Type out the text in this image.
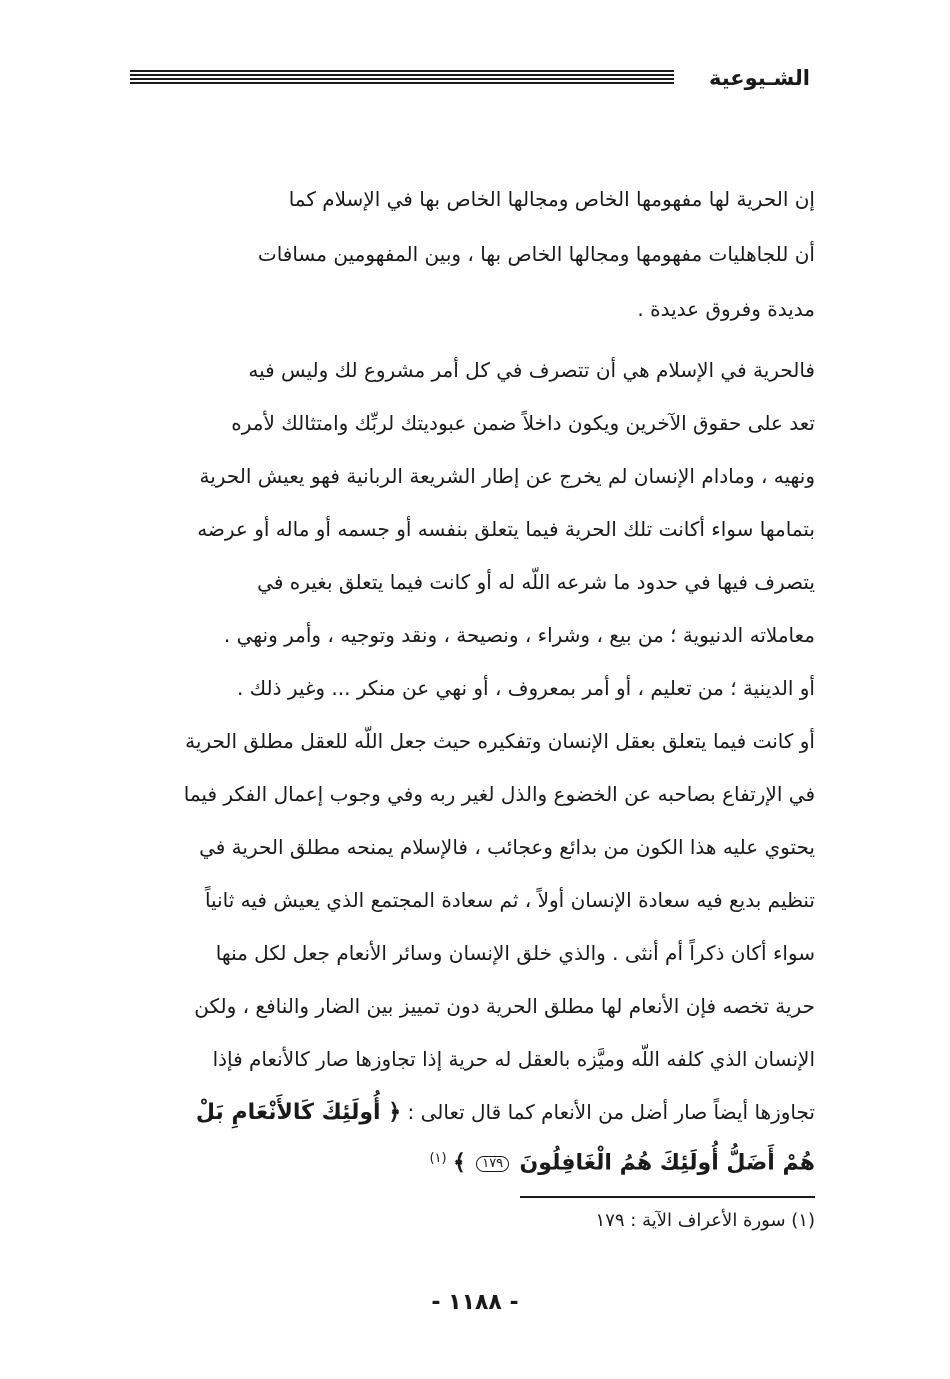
الشـيوعية
إن الحرية لها مفهومها الخاص ومجالها الخاص بها في الإسلام كما
أن للجاهليات مفهومها ومجالها الخاص بها ، وبين المفهومين مسافات
مديدة وفروق عديدة .
فالحرية في الإسلام هي أن تتصرف في كل أمر مشروع لك وليس فيه
تعد على حقوق الآخرين ويكون داخلاً ضمن عبوديتك لربِّك وامتثالك لأمره
ونهيه ، ومادام الإنسان لم يخرج عن إطار الشريعة الربانية فهو يعيش الحرية
بتمامها سواء أكانت تلك الحرية فيما يتعلق بنفسه أو جسمه أو ماله أو عرضه
يتصرف فيها في حدود ما شرعه اللّه له أو كانت فيما يتعلق بغيره في
معاملاته الدنيوية ؛ من بيع ، وشراء ، ونصيحة ، ونقد وتوجيه ، وأمر ونهي .
أو الدينية ؛ من تعليم ، أو أمر بمعروف ، أو نهي عن منكر ... وغير ذلك .
أو كانت فيما يتعلق بعقل الإنسان وتفكيره حيث جعل اللّه للعقل مطلق الحرية
في الإرتفاع بصاحبه عن الخضوع والذل لغير ربه وفي وجوب إعمال الفكر فيما
يحتوي عليه هذا الكون من بدائع وعجائب ، فالإسلام يمنحه مطلق الحرية في
تنظيم بديع فيه سعادة الإنسان أولاً ، ثم سعادة المجتمع الذي يعيش فيه ثانياً
سواء أكان ذكراً أم أنثى . والذي خلق الإنسان وسائر الأنعام جعل لكل منها
حرية تخصه فإن الأنعام لها مطلق الحرية دون تمييز بين الضار والنافع ، ولكن
الإنسان الذي كلفه اللّه وميَّزه بالعقل له حرية إذا تجاوزها صار كالأنعام فإذا
تجاوزها أيضاً صار أضل من الأنعام كما قال تعالى : ﴿ أُولَئِكَ كَالأَنْعَامِ بَلْ
هُمْ أَضَلُّ أُولَئِكَ هُمُ الْغَافِلُونَ ١٧٩ ﴾ $^{(١)}$
(١) سورة الأعراف الآية : ١٧٩
- ١١٨٨ -
